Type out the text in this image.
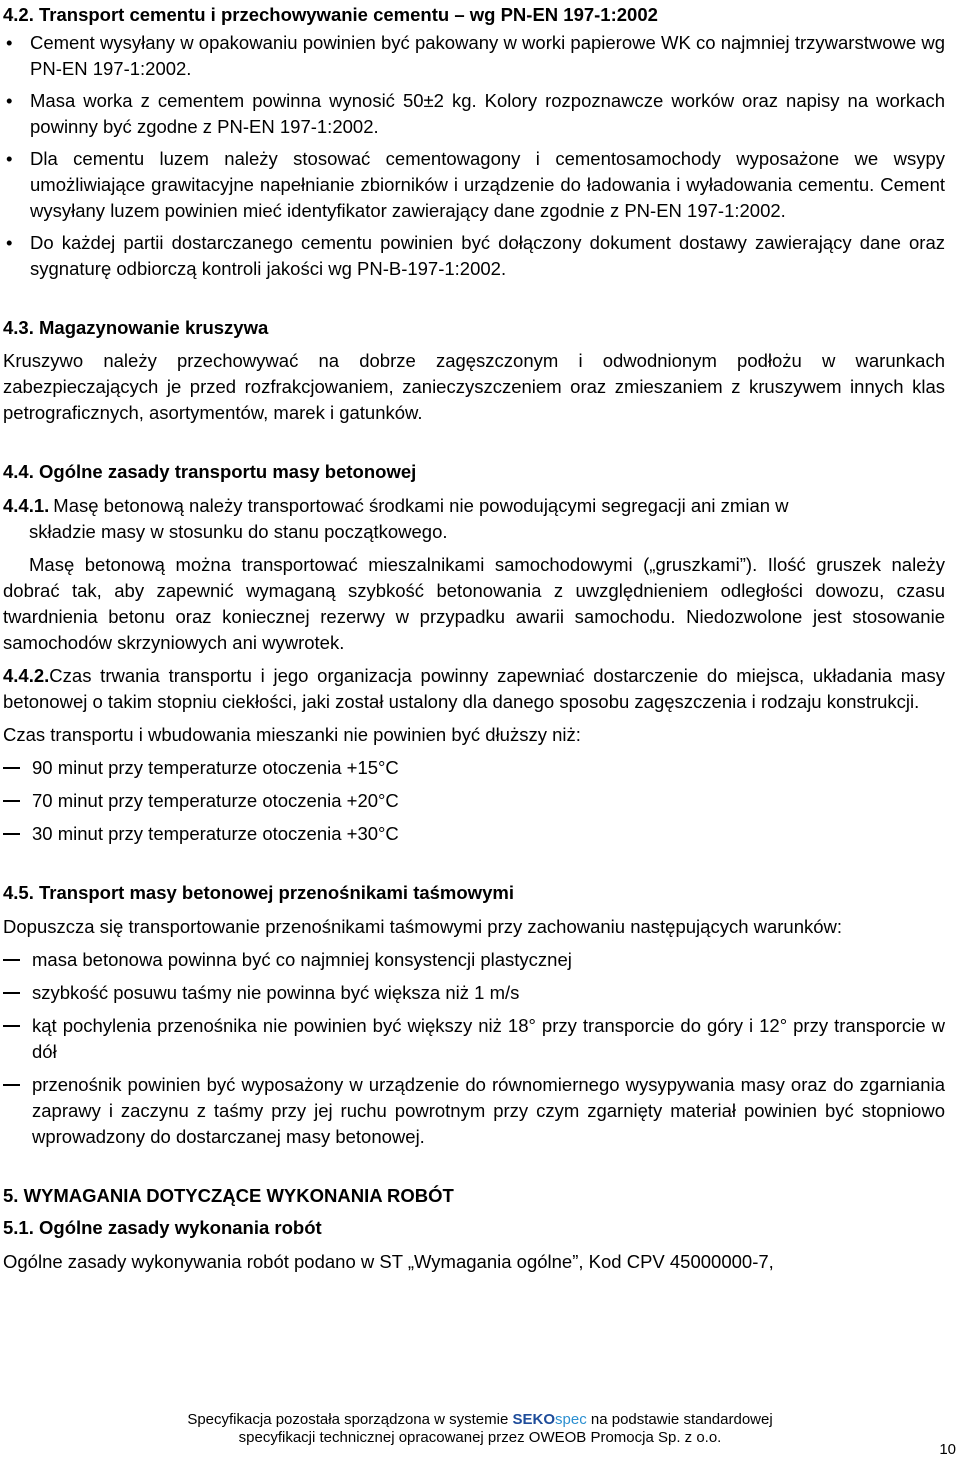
4.2. Transport cementu i przechowywanie cementu – wg PN-EN 197-1:2002
• Cement wysyłany w opakowaniu powinien być pakowany w worki papierowe WK co najmniej trzywarstwowe wg PN-EN 197-1:2002.
• Masa worka z cementem powinna wynosić 50±2 kg. Kolory rozpoznawcze worków oraz napisy na workach powinny być zgodne z PN-EN 197-1:2002.
• Dla cementu luzem należy stosować cementowagony i cementosamochody wyposażone we wsypy umożliwiające grawitacyjne napełnianie zbiorników i urządzenie do ładowania i wyładowania cementu. Cement wysyłany luzem powinien mieć identyfikator zawierający dane zgodnie z PN-EN 197-1:2002.
• Do każdej partii dostarczanego cementu powinien być dołączony dokument dostawy zawierający dane oraz sygnaturę odbiorczą kontroli jakości wg PN-B-197-1:2002.
4.3. Magazynowanie kruszywa

Kruszywo należy przechowywać na dobrze zagęszczonym i odwodnionym podłożu w warunkach zabezpieczających je przed rozfrakcjowaniem, zanieczyszczeniem oraz zmieszaniem z kruszywem innych klas petrograficznych, asortymentów, marek i gatunków.

4.4. Ogólne zasady transportu masy betonowej
4.4.1. Masę betonową należy transportować środkami nie powodującymi segregacji ani zmian w
składzie masy w stosunku do stanu początkowego.

Masę betonową można transportować mieszalnikami samochodowymi („gruszkami”). Ilość gruszek należy dobrać tak, aby zapewnić wymaganą szybkość betonowania z uwzględnieniem odległości dowozu, czasu twardnienia betonu oraz koniecznej rezerwy w przypadku awarii samochodu. Niedozwolone jest stosowanie samochodów skrzyniowych ani wywrotek.

4.4.2.Czas trwania transportu i jego organizacja powinny zapewniać dostarczenie do miejsca, układania masy betonowej o takim stopniu ciekłości, jaki został ustalony dla danego sposobu zagęszczenia i rodzaju konstrukcji.

Czas transportu i wbudowania mieszanki nie powinien być dłuższy niż:

90 minut przy temperaturze otoczenia +15°C
70 minut przy temperaturze otoczenia +20°C
30 minut przy temperaturze otoczenia +30°C
4.5. Transport masy betonowej przenośnikami taśmowymi

Dopuszcza się transportowanie przenośnikami taśmowymi przy zachowaniu następujących warunków:

masa betonowa powinna być co najmniej konsystencji plastycznej
szybkość posuwu taśmy nie powinna być większa niż 1 m/s
kąt pochylenia przenośnika nie powinien być większy niż 18° przy transporcie do góry i 12° przy transporcie w dół
przenośnik powinien być wyposażony w urządzenie do równomiernego wysypywania masy oraz do zgarniania zaprawy i zaczynu z taśmy przy jej ruchu powrotnym przy czym zgarnięty materiał powinien być stopniowo wprowadzony do dostarczanej masy betonowej.
5. WYMAGANIA DOTYCZĄCE WYKONANIA ROBÓT
5.1. Ogólne zasady wykonania robót

Ogólne zasady wykonywania robót podano w ST „Wymagania ogólne”, Kod CPV 45000000-7,

Specyfikacja pozostała sporządzona w systemie SEKOspec na podstawie standardowej
specyfikacji technicznej opracowanej przez OWEOB Promocja Sp. z o.o.
10
